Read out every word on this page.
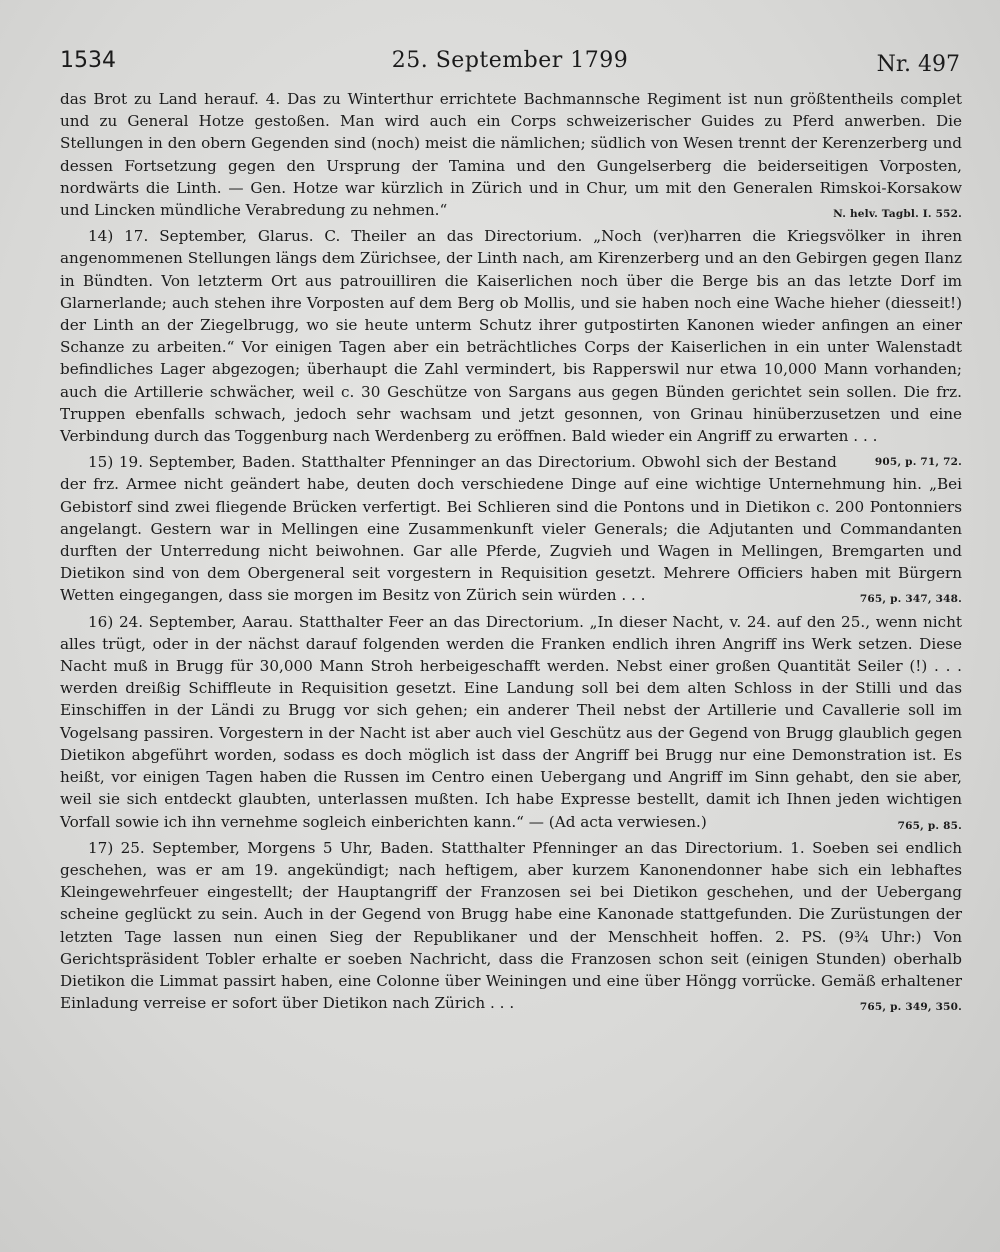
1534	25. September 1799	Nr. 497

das Brot zu Land herauf. 4. Das zu Winterthur errichtete Bachmannsche Regiment ist nun größtentheils complet und zu General Hotze gestoßen. Man wird auch ein Corps schweizerischer Guides zu Pferd anwerben. Die Stellungen in den obern Gegenden sind (noch) meist die nämlichen; südlich von Wesen trennt der Kerenzerberg und dessen Fortsetzung gegen den Ursprung der Tamina und den Gungelserberg die beiderseitigen Vorposten, nordwärts die Linth. — Gen. Hotze war kürzlich in Zürich und in Chur, um mit den Generalen Rimskoi-Korsakow und Lincken mündliche Verabredung zu nehmen.“	N. helv. Tagbl. I. 552.

14) 17. September, Glarus. C. Theiler an das Directorium. „Noch (ver)harren die Kriegsvölker in ihren angenommenen Stellungen längs dem Zürichsee, der Linth nach, am Kirenzerberg und an den Gebirgen gegen Ilanz in Bündten. Von letzterm Ort aus patrouilliren die Kaiserlichen noch über die Berge bis an das letzte Dorf im Glarnerlande; auch stehen ihre Vorposten auf dem Berg ob Mollis, und sie haben noch eine Wache hieher (diesseit!) der Linth an der Ziegelbrugg, wo sie heute unterm Schutz ihrer gutpostirten Kanonen wieder anfingen an einer Schanze zu arbeiten.“ Vor einigen Tagen aber ein beträchtliches Corps der Kaiserlichen in ein unter Walenstadt befindliches Lager abgezogen; überhaupt die Zahl vermindert, bis Rapperswil nur etwa 10,000 Mann vorhanden; auch die Artillerie schwächer, weil c. 30 Geschütze von Sargans aus gegen Bünden gerichtet sein sollen. Die frz. Truppen ebenfalls schwach, jedoch sehr wachsam und jetzt gesonnen, von Grinau hinüberzusetzen und eine Verbindung durch das Toggenburg nach Werdenberg zu eröffnen. Bald wieder ein Angriff zu erwarten . . .
905, p. 71, 72.

15) 19. September, Baden. Statthalter Pfenninger an das Directorium. Obwohl sich der Bestand der frz. Armee nicht geändert habe, deuten doch verschiedene Dinge auf eine wichtige Unternehmung hin. „Bei Gebistorf sind zwei fliegende Brücken verfertigt. Bei Schlieren sind die Pontons und in Dietikon c. 200 Pontonniers angelangt. Gestern war in Mellingen eine Zusammenkunft vieler Generals; die Adjutanten und Commandanten durften der Unterredung nicht beiwohnen. Gar alle Pferde, Zugvieh und Wagen in Mellingen, Bremgarten und Dietikon sind von dem Obergeneral seit vorgestern in Requisition gesetzt. Mehrere Officiers haben mit Bürgern Wetten eingegangen, dass sie morgen im Besitz von Zürich sein würden . . .	765, p. 347, 348.

16) 24. September, Aarau. Statthalter Feer an das Directorium. „In dieser Nacht, v. 24. auf den 25., wenn nicht alles trügt, oder in der nächst darauf folgenden werden die Franken endlich ihren Angriff ins Werk setzen. Diese Nacht muß in Brugg für 30,000 Mann Stroh herbeigeschafft werden. Nebst einer großen Quantität Seiler (!) . . . werden dreißig Schiffleute in Requisition gesetzt. Eine Landung soll bei dem alten Schloss in der Stilli und das Einschiffen in der Ländi zu Brugg vor sich gehen; ein anderer Theil nebst der Artillerie und Cavallerie soll im Vogelsang passiren. Vorgestern in der Nacht ist aber auch viel Geschütz aus der Gegend von Brugg glaublich gegen Dietikon abgeführt worden, sodass es doch möglich ist dass der Angriff bei Brugg nur eine Demonstration ist. Es heißt, vor einigen Tagen haben die Russen im Centro einen Uebergang und Angriff im Sinn gehabt, den sie aber, weil sie sich entdeckt glaubten, unterlassen mußten. Ich habe Expresse bestellt, damit ich Ihnen jeden wichtigen Vorfall sowie ich ihn vernehme sogleich einberichten kann.“ — (Ad acta verwiesen.)	765, p. 85.

17) 25. September, Morgens 5 Uhr, Baden. Statthalter Pfenninger an das Directorium. 1. Soeben sei endlich geschehen, was er am 19. angekündigt; nach heftigem, aber kurzem Kanonendonner habe sich ein lebhaftes Kleingewehrfeuer eingestellt; der Hauptangriff der Franzosen sei bei Dietikon geschehen, und der Uebergang scheine geglückt zu sein. Auch in der Gegend von Brugg habe eine Kanonade stattgefunden. Die Zurüstungen der letzten Tage lassen nun einen Sieg der Republikaner und der Menschheit hoffen. 2. PS. (9¾ Uhr:) Von Gerichtspräsident Tobler erhalte er soeben Nachricht, dass die Franzosen schon seit (einigen Stunden) oberhalb Dietikon die Limmat passirt haben, eine Colonne über Weiningen und eine über Höngg vorrücke. Gemäß erhaltener Einladung verreise er sofort über Dietikon nach Zürich . . .	765, p. 349, 350.
